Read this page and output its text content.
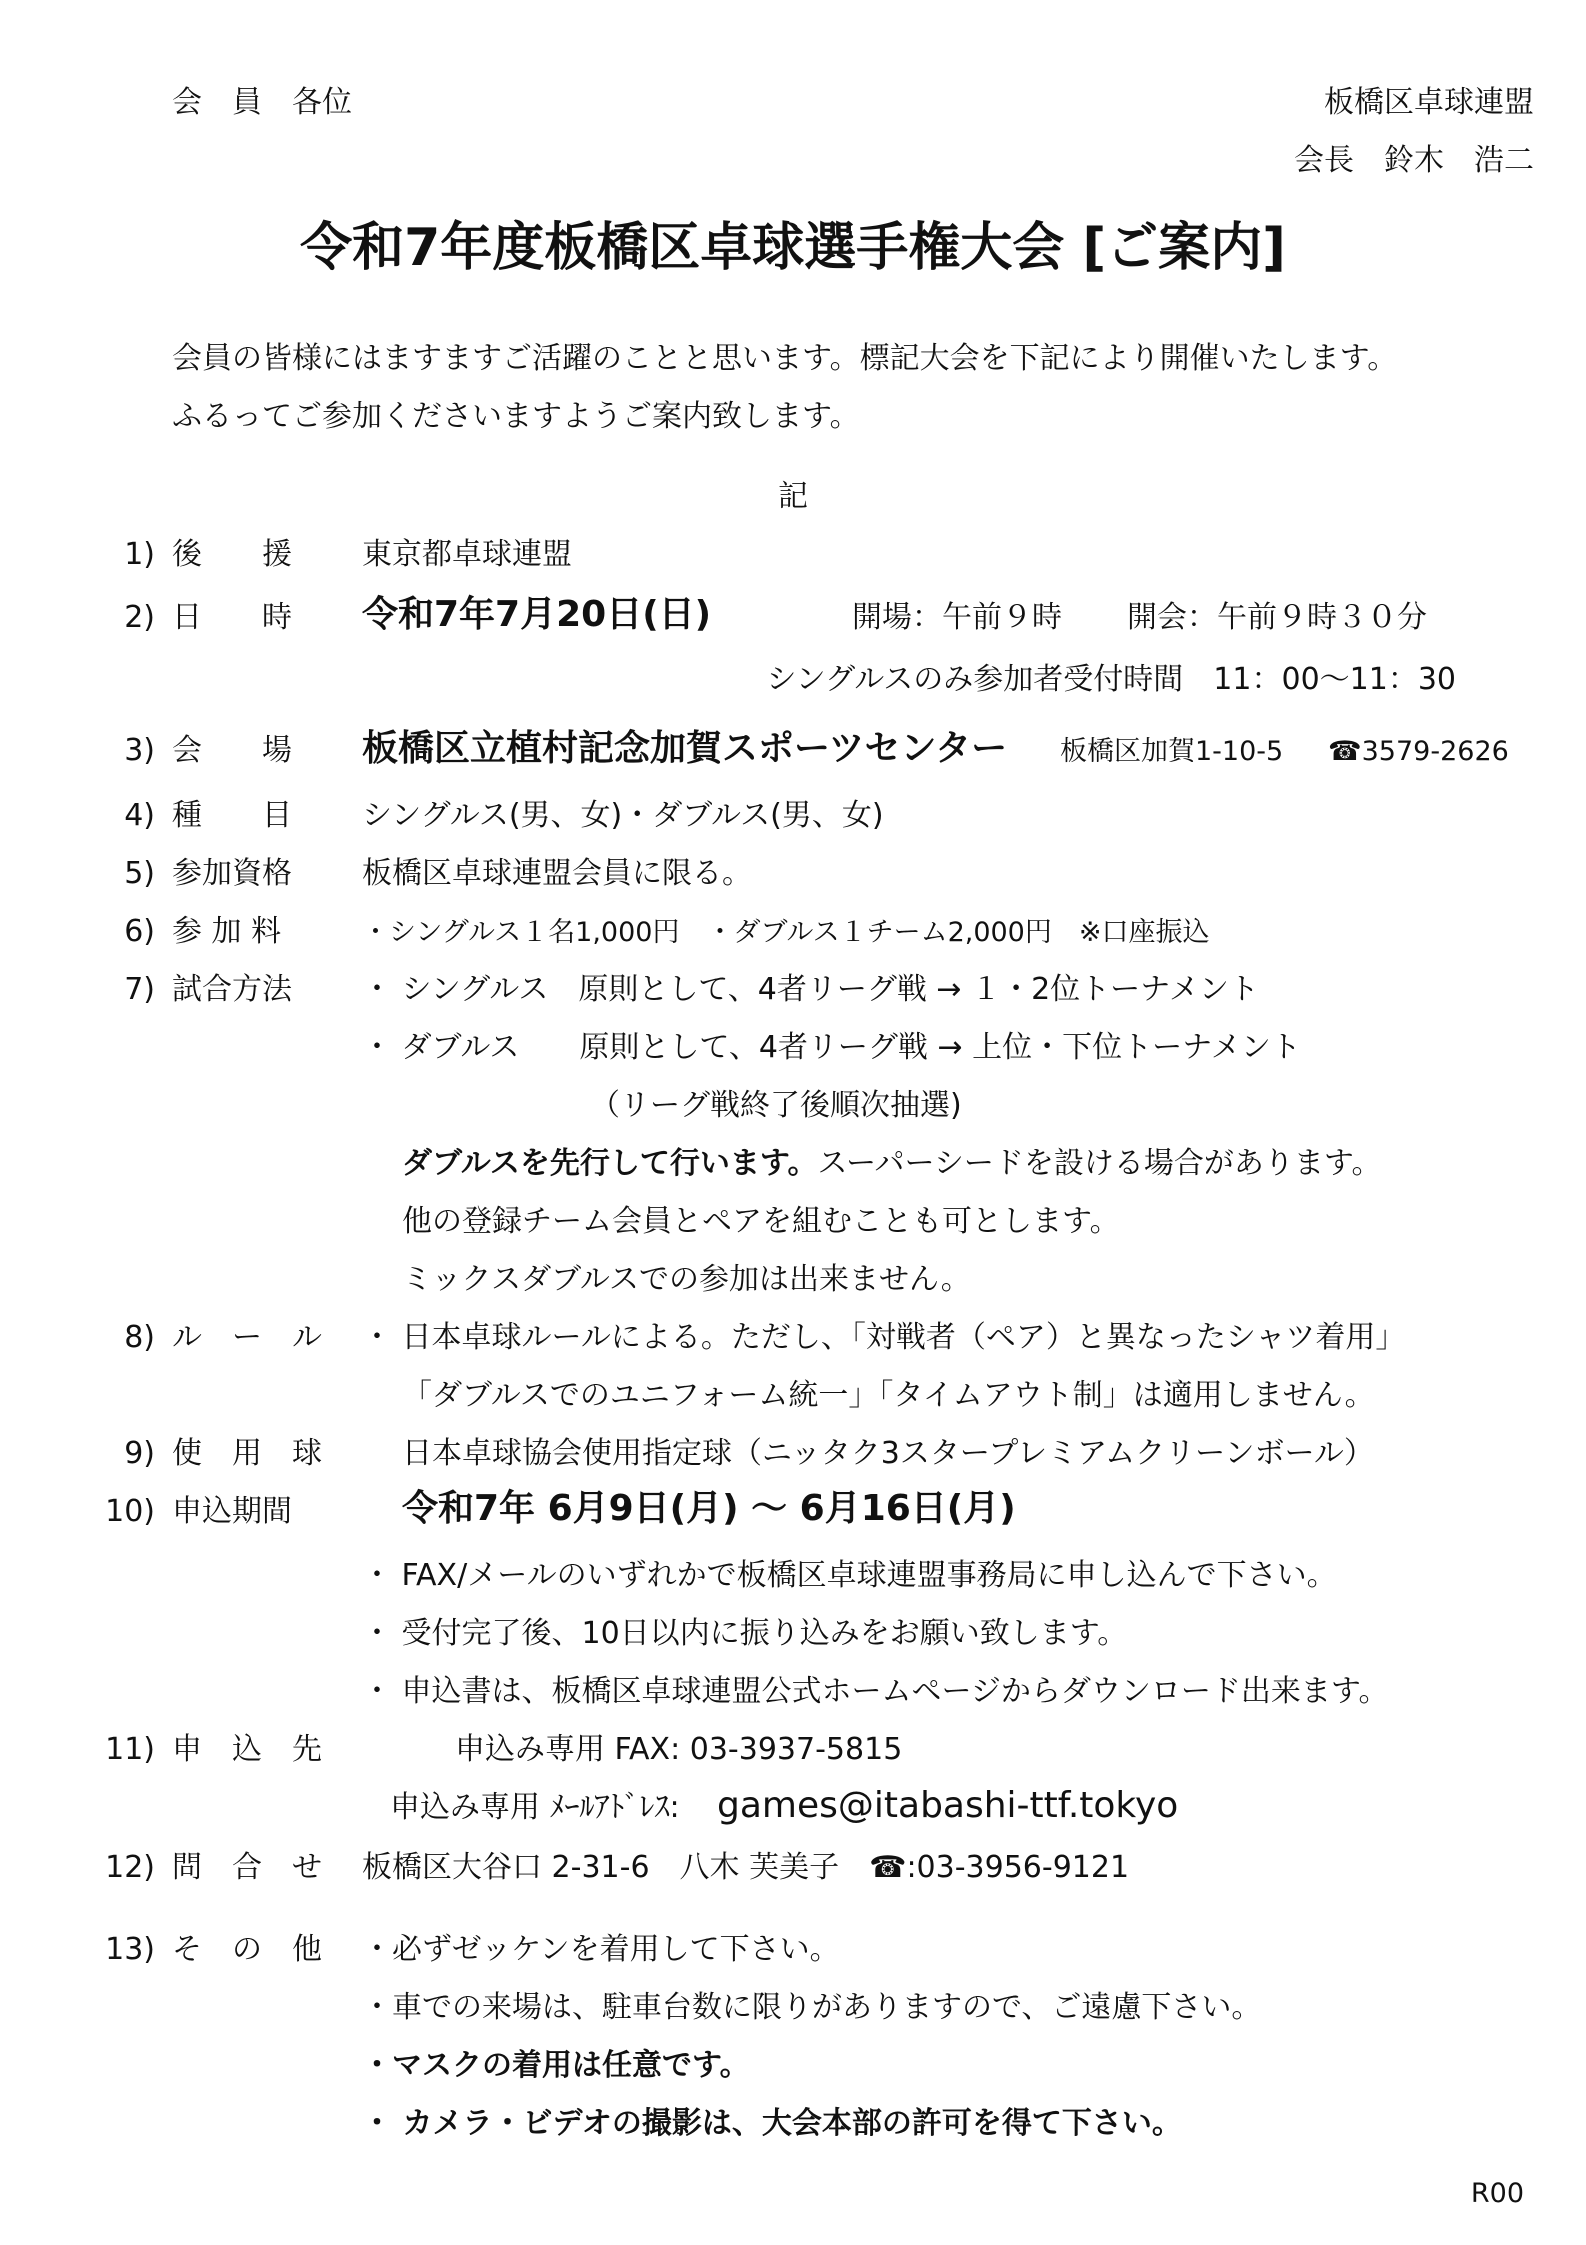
会　員　各位	板橋区卓球連盟
会長　鈴木　浩二
令和7年度板橋区卓球選手権大会 [ご案内]
会員の皆様にはますますご活躍のことと思います。標記大会を下記により開催いたします。
ふるってご参加くださいますようご案内致します。
記
1) 後　　援 東京都卓球連盟
2) 日　　時 令和7年7月20日(日)	開場：午前９時 開会：午前９時３０分
シングルスのみ参加者受付時間　11：00～11：30
3) 会　　場 板橋区立植村記念加賀スポーツセンター 板橋区加賀1-10-5 ☎3579-2626
4) 種　　目 シングルス(男、女)・ダブルス(男、女)
5) 参加資格 板橋区卓球連盟会員に限る。
6) 参 加 料	・シングルス１名1,000円　・ダブルス１チーム2,000円　※口座振込
7) 試合方法 ・ シングルス　原則として、4者リーグ戦 → １・2位トーナメント
・ ダブルス　　原則として、4者リーグ戦 → 上位・下位トーナメント
（リーグ戦終了後順次抽選)
ダブルスを先行して行います。スーパーシードを設ける場合があります。
他の登録チーム会員とペアを組むことも可とします。
ミックスダブルスでの参加は出来ません。
8) ル　ー　ル ・ 日本卓球ルールによる。ただし、「対戦者（ペア）と異なったシャツ着用」
「ダブルスでのユニフォーム統一」「タイムアウト制」は適用しません。
9) 使　用　球	日本卓球協会使用指定球（ニッタク3スタープレミアムクリーンボール）
10) 申込期間	令和7年 6月9日(月) ～ 6月16日(月)
・ FAX/メールのいずれかで板橋区卓球連盟事務局に申し込んで下さい。
・ 受付完了後、10日以内に振り込みをお願い致します。
・ 申込書は、板橋区卓球連盟公式ホームページからダウンロード出来ます。
11) 申　込　先	申込み専用 FAX: 03-3937-5815
申込み専用 ﾒｰﾙｱﾄﾞﾚｽ: games@itabashi-ttf.tokyo
12) 問　合　せ 板橋区大谷口 2-31-6　八木 芙美子　☎:03-3956-9121
13) そ　の　他 ・必ずゼッケンを着用して下さい。
・車での来場は、駐車台数に限りがありますので、ご遠慮下さい。
・マスクの着用は任意です。
・ カメラ・ビデオの撮影は、大会本部の許可を得て下さい。
R00
